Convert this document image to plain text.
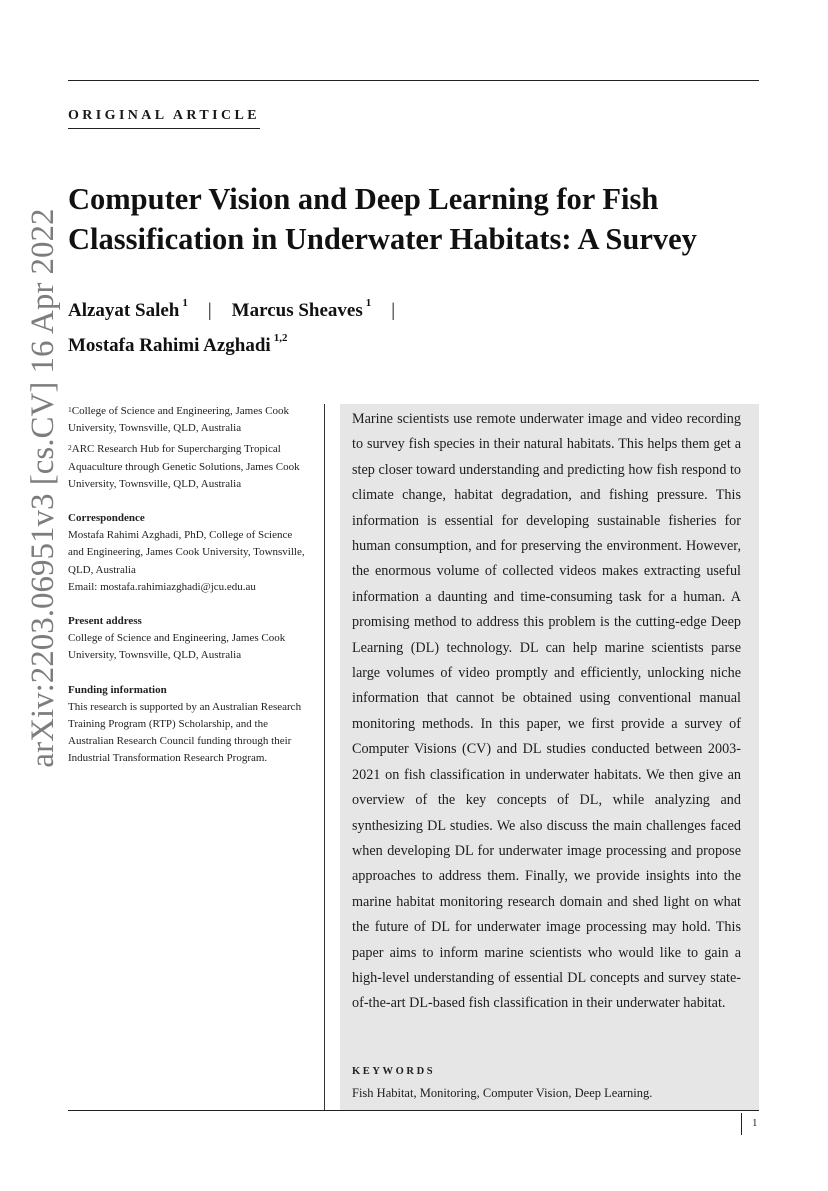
ORIGINAL ARTICLE
arXiv:2203.06951v3 [cs.CV] 16 Apr 2022
Computer Vision and Deep Learning for Fish Classification in Underwater Habitats: A Survey
Alzayat Saleh $^1$ | Marcus Sheaves $^1$ |
Mostafa Rahimi Azghadi $^{1,2}$

$^1$College of Science and Engineering, James Cook University, Townsville, QLD, Australia

$^2$ARC Research Hub for Supercharging Tropical Aquaculture through Genetic Solutions, James Cook University, Townsville, QLD, Australia

Correspondence

Mostafa Rahimi Azghadi, PhD, College of Science and Engineering, James Cook University, Townsville, QLD, Australia

Email: mostafa.rahimiazghadi@jcu.edu.au

Present address

College of Science and Engineering, James Cook University, Townsville, QLD, Australia

Funding information

This research is supported by an Australian Research Training Program (RTP) Scholarship, and the Australian Research Council funding through their Industrial Transformation Research Program.

Marine scientists use remote underwater image and video recording to survey fish species in their natural habitats. This helps them get a step closer toward understanding and predicting how fish respond to climate change, habitat degradation, and fishing pressure. This information is essential for developing sustainable fisheries for human consumption, and for preserving the environment. However, the enormous volume of collected videos makes extracting useful information a daunting and time-consuming task for a human. A promising method to address this problem is the cutting-edge Deep Learning (DL) technology. DL can help marine scientists parse large volumes of video promptly and efficiently, unlocking niche information that cannot be obtained using conventional manual monitoring methods. In this paper, we first provide a survey of Computer Visions (CV) and DL studies conducted between 2003-2021 on fish classification in underwater habitats. We then give an overview of the key concepts of DL, while analyzing and synthesizing DL studies. We also discuss the main challenges faced when developing DL for underwater image processing and propose approaches to address them. Finally, we provide insights into the marine habitat monitoring research domain and shed light on what the future of DL for underwater image processing may hold. This paper aims to inform marine scientists who would like to gain a high-level understanding of essential DL concepts and survey state-of-the-art DL-based fish classification in their underwater habitat.

KEYWORDS
Fish Habitat, Monitoring, Computer Vision, Deep Learning.
1
